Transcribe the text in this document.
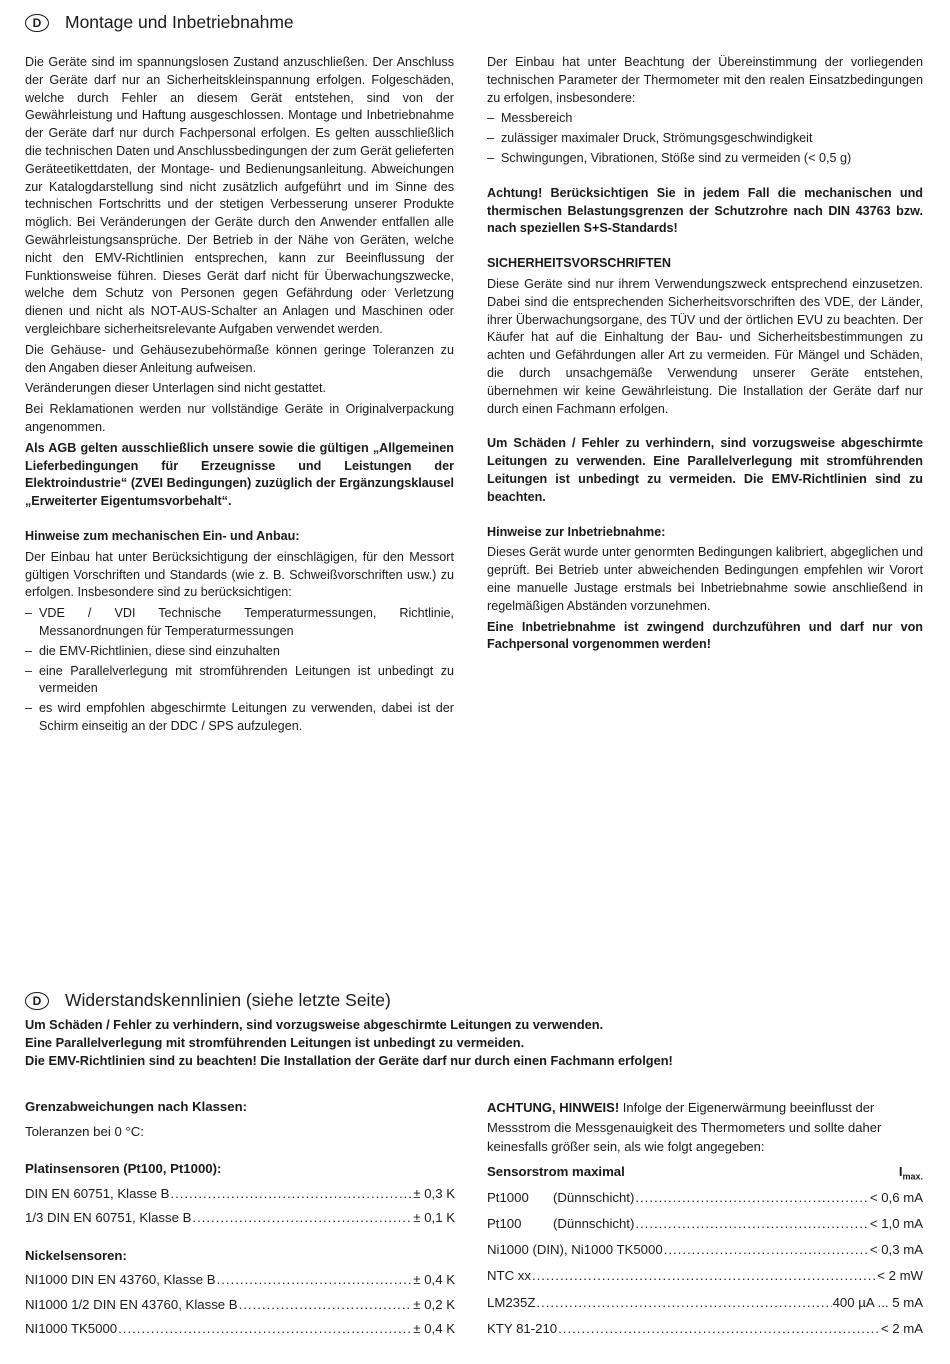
D	Montage und Inbetriebnahme

Die Geräte sind im spannungslosen Zustand anzuschließen. Der Anschluss der Geräte darf nur an Sicherheitskleinspannung erfolgen. Folgeschäden, welche durch Fehler an diesem Gerät entstehen, sind von der Gewährleistung und Haftung ausgeschlossen. Montage und Inbetriebnahme der Geräte darf nur durch Fachpersonal erfolgen. Es gelten ausschließlich die technischen Daten und Anschlussbedingungen der zum Gerät gelieferten Geräteetikettdaten, der Montage- und Bedienungsanleitung. Abweichungen zur Katalogdarstellung sind nicht zusätzlich aufgeführt und im Sinne des technischen Fortschritts und der stetigen Verbesserung unserer Produkte möglich. Bei Veränderungen der Geräte durch den Anwender entfallen alle Gewährleistungsansprüche. Der Betrieb in der Nähe von Geräten, welche nicht den EMV-Richtlinien entsprechen, kann zur Beeinflussung der Funktionsweise führen. Dieses Gerät darf nicht für Überwachungszwecke, welche dem Schutz von Personen gegen Gefährdung oder Verletzung dienen und nicht als NOT-AUS-Schalter an Anlagen und Maschinen oder vergleichbare sicherheitsrelevante Aufgaben verwendet werden.

Die Gehäuse- und Gehäusezubehörmaße können geringe Toleranzen zu den Angaben dieser Anleitung aufweisen.

Veränderungen dieser Unterlagen sind nicht gestattet.

Bei Reklamationen werden nur vollständige Geräte in Originalverpackung angenommen.

Als AGB gelten ausschließlich unsere sowie die gültigen „Allgemeinen Lieferbedingungen für Erzeugnisse und Leistungen der Elektroindustrie“ (ZVEI Bedingungen) zuzüglich der Ergänzungsklausel „Erweiterter Eigentumsvorbehalt“.

Hinweise zum mechanischen Ein- und Anbau:

Der Einbau hat unter Berücksichtigung der einschlägigen, für den Messort gültigen Vorschriften und Standards (wie z. B. Schweißvorschriften usw.) zu erfolgen. Insbesondere sind zu berücksichtigen:

– VDE / VDI Technische Temperaturmessungen, Richtlinie, Messanordnungen für Temperaturmessungen
– die EMV-Richtlinien, diese sind einzuhalten
– eine Parallelverlegung mit stromführenden Leitungen ist unbedingt zu vermeiden
– es wird empfohlen abgeschirmte Leitungen zu verwenden, dabei ist der Schirm einseitig an der DDC / SPS aufzulegen.

Der Einbau hat unter Beachtung der Übereinstimmung der vorliegenden technischen Parameter der Thermometer mit den realen Einsatzbedingungen zu erfolgen, insbesondere:

– Messbereich
– zulässiger maximaler Druck, Strömungsgeschwindigkeit
– Schwingungen, Vibrationen, Stöße sind zu vermeiden (< 0,5 g)

Achtung! Berücksichtigen Sie in jedem Fall die mechanischen und thermischen Belastungsgrenzen der Schutzrohre nach DIN 43763 bzw. nach speziellen S+S-Standards!

SICHERHEITSVORSCHRIFTEN

Diese Geräte sind nur ihrem Verwendungszweck entsprechend einzusetzen. Dabei sind die entsprechenden Sicherheitsvorschriften des VDE, der Länder, ihrer Überwachungsorgane, des TÜV und der örtlichen EVU zu beachten. Der Käufer hat auf die Einhaltung der Bau- und Sicherheitsbestimmungen zu achten und Gefährdungen aller Art zu vermeiden. Für Mängel und Schäden, die durch unsachgemäße Verwendung unserer Geräte entstehen, übernehmen wir keine Gewährleistung. Die Installation der Geräte darf nur durch einen Fachmann erfolgen.

Um Schäden / Fehler zu verhindern, sind vorzugsweise abgeschirmte Leitungen zu verwenden. Eine Parallelverlegung mit stromführenden Leitungen ist unbedingt zu vermeiden. Die EMV-Richtlinien sind zu beachten.

Hinweise zur Inbetriebnahme:

Dieses Gerät wurde unter genormten Bedingungen kalibriert, abgeglichen und geprüft. Bei Betrieb unter abweichenden Bedingungen empfehlen wir Vorort eine manuelle Justage erstmals bei Inbetriebnahme sowie anschließend in regelmäßigen Abständen vorzunehmen.

Eine Inbetriebnahme ist zwingend durchzuführen und darf nur von Fachpersonal vorgenommen werden!

D	Widerstandskennlinien (siehe letzte Seite)
Um Schäden / Fehler zu verhindern, sind vorzugsweise abgeschirmte Leitungen zu verwenden.
Eine Parallelverlegung mit stromführenden Leitungen ist unbedingt zu vermeiden.
Die EMV-Richtlinien sind zu beachten! Die Installation der Geräte darf nur durch einen Fachmann erfolgen!
Grenzabweichungen nach Klassen:
Toleranzen bei 0 °C:
Platinsensoren (Pt100, Pt1000):
DIN EN 60751, Klasse B .....	± 0,3 K
1/3 DIN EN 60751, Klasse B .....	± 0,1 K
Nickelsensoren:
NI1000 DIN EN 43760, Klasse B .....	± 0,4 K
NI1000 1/2 DIN EN 43760, Klasse B .....	± 0,2 K
NI1000 TK5000 .....	± 0,4 K
ACHTUNG, HINWEIS! Infolge der Eigenerwärmung beeinflusst der Messstrom die Messgenauigkeit des Thermometers und sollte daher keinesfalls größer sein, als wie folgt angegeben:
Sensorstrom maximal	$I_{max.}$
Pt1000	(Dünnschicht) .....	< 0,6 mA
Pt100	(Dünnschicht) .....	< 1,0 mA
Ni1000 (DIN), Ni1000 TK5000 .....	< 0,3 mA
NTC xx .....	< 2 mW
LM235Z .....	400 µA ... 5 mA
KTY 81-210 .....	< 2 mA
